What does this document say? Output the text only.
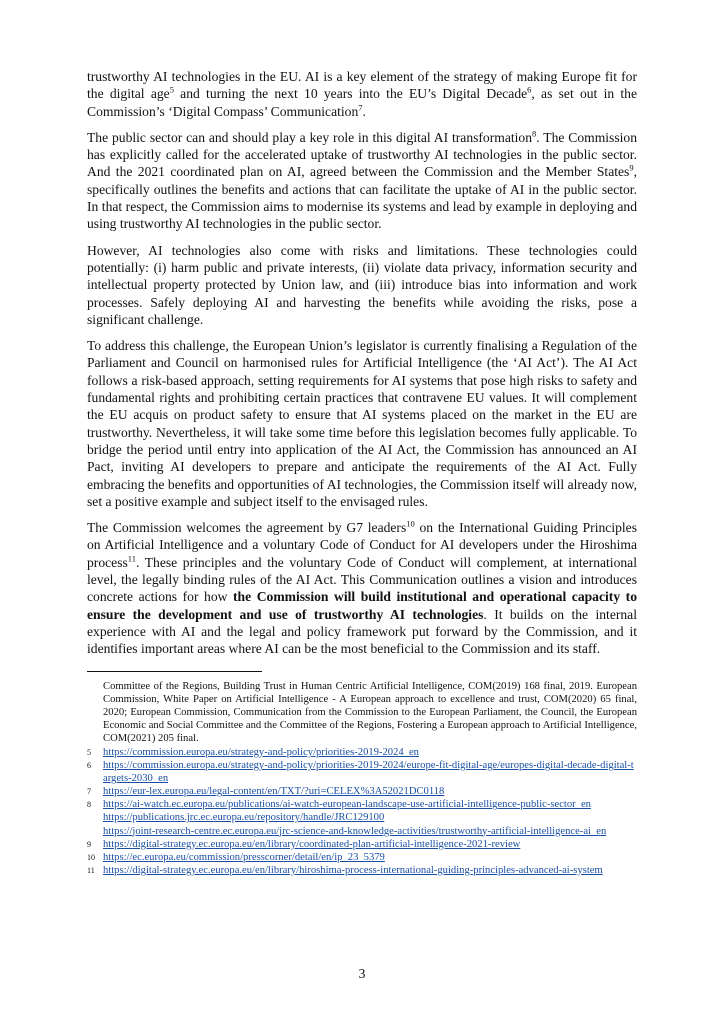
trustworthy AI technologies in the EU. AI is a key element of the strategy of making Europe fit for the digital age$^5$ and turning the next 10 years into the EU’s Digital Decade$^6$, as set out in the Commission’s ‘Digital Compass’ Communication$^7$.

The public sector can and should play a key role in this digital AI transformation$^8$. The Commission has explicitly called for the accelerated uptake of trustworthy AI technologies in the public sector. And the 2021 coordinated plan on AI, agreed between the Commission and the Member States$^9$, specifically outlines the benefits and actions that can facilitate the uptake of AI in the public sector. In that respect, the Commission aims to modernise its systems and lead by example in deploying and using trustworthy AI technologies in the public sector.

However, AI technologies also come with risks and limitations. These technologies could potentially: (i) harm public and private interests, (ii) violate data privacy, information security and intellectual property protected by Union law, and (iii) introduce bias into information and work processes. Safely deploying AI and harvesting the benefits while avoiding the risks, pose a significant challenge.

To address this challenge, the European Union’s legislator is currently finalising a Regulation of the Parliament and Council on harmonised rules for Artificial Intelligence (the ‘AI Act’). The AI Act follows a risk-based approach, setting requirements for AI systems that pose high risks to safety and fundamental rights and prohibiting certain practices that contravene EU values. It will complement the EU acquis on product safety to ensure that AI systems placed on the market in the EU are trustworthy. Nevertheless, it will take some time before this legislation becomes fully applicable. To bridge the period until entry into application of the AI Act, the Commission has announced an AI Pact, inviting AI developers to prepare and anticipate the requirements of the AI Act. Fully embracing the benefits and opportunities of AI technologies, the Commission itself will already now, set a positive example and subject itself to the envisaged rules.

The Commission welcomes the agreement by G7 leaders$^{10}$ on the International Guiding Principles on Artificial Intelligence and a voluntary Code of Conduct for AI developers under the Hiroshima process$^{11}$. These principles and the voluntary Code of Conduct will complement, at international level, the legally binding rules of the AI Act. This Communication outlines a vision and introduces concrete actions for how the Commission will build institutional and operational capacity to ensure the development and use of trustworthy AI technologies. It builds on the internal experience with AI and the legal and policy framework put forward by the Commission, and it identifies important areas where AI can be the most beneficial to the Commission and its staff.

Committee of the Regions, Building Trust in Human Centric Artificial Intelligence, COM(2019) 168 final, 2019. European Commission, White Paper on Artificial Intelligence - A European approach to excellence and trust, COM(2020) 65 final, 2020; European Commission, Communication from the Commission to the European Parliament, the Council, the European Economic and Social Committee and the Committee of the Regions, Fostering a European approach to Artificial Intelligence, COM(2021) 205 final.
5	https://commission.europa.eu/strategy-and-policy/priorities-2019-2024_en
6	https://commission.europa.eu/strategy-and-policy/priorities-2019-2024/europe-fit-digital-age/europes-digital-decade-digital-targets-2030_en
7	https://eur-lex.europa.eu/legal-content/en/TXT/?uri=CELEX%3A52021DC0118
8	https://ai-watch.ec.europa.eu/publications/ai-watch-european-landscape-use-artificial-intelligence-public-sector_en
https://publications.jrc.ec.europa.eu/repository/handle/JRC129100
https://joint-research-centre.ec.europa.eu/jrc-science-and-knowledge-activities/trustworthy-artificial-intelligence-ai_en
9	https://digital-strategy.ec.europa.eu/en/library/coordinated-plan-artificial-intelligence-2021-review
10 https://ec.europa.eu/commission/presscorner/detail/en/ip_23_5379
11 https://digital-strategy.ec.europa.eu/en/library/hiroshima-process-international-guiding-principles-advanced-ai-system
3
